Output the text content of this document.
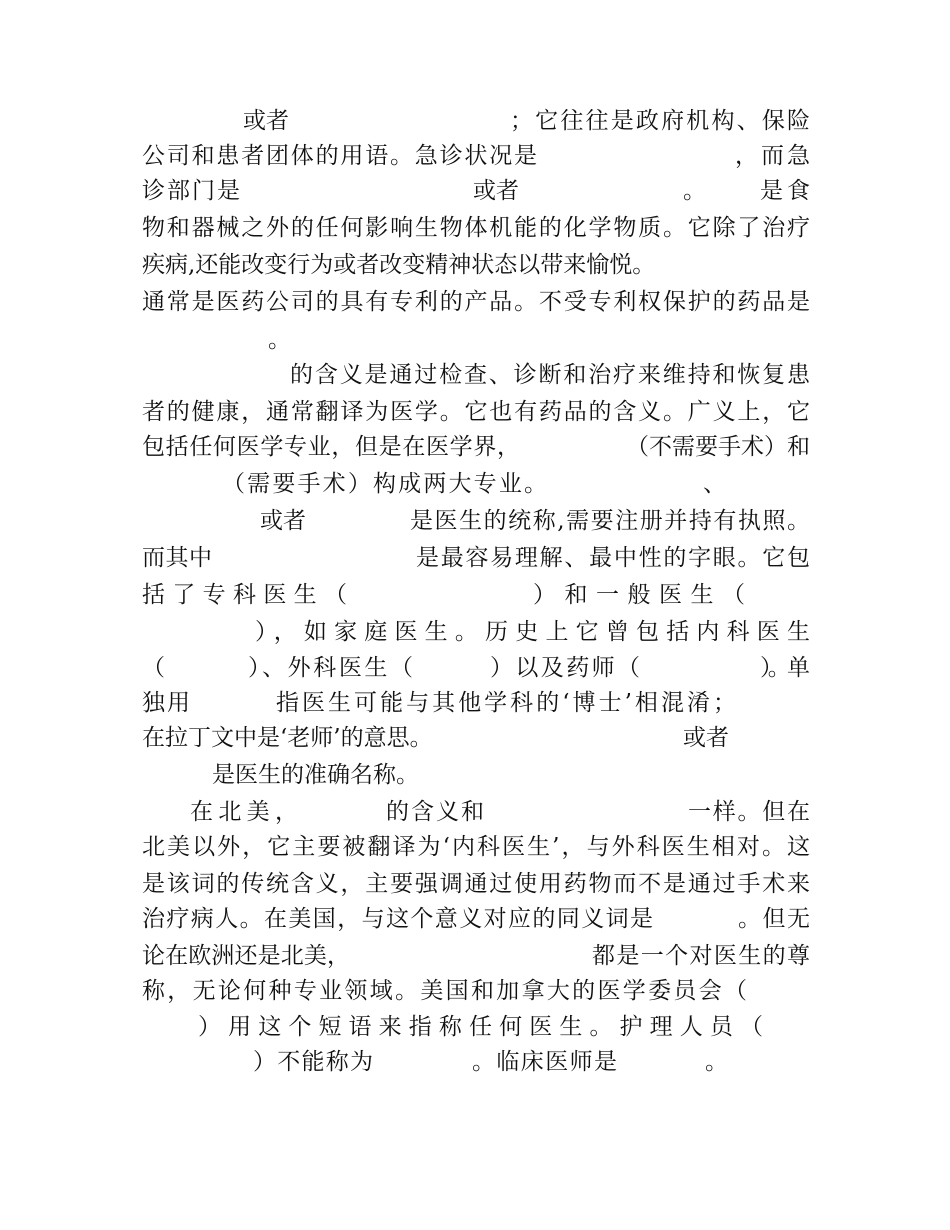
或者	；它往往是政府机构、保险
公司和患者团体的用语。急诊状况是	，而急
诊部门是	或者	。 是食
物和器械之外的任何影响生物体机能的化学物质。它除了治疗
疾病,还能改变行为或者改变精神状态以带来愉悦。
通常是医药公司的具有专利的产品。不受专利权保护的药品是
。
的含义是通过检查、诊断和治疗来维持和恢复患
者的健康，通常翻译为医学。它也有药品的含义。广义上，它
包括任何医学专业，但是在医学界，	（不需要手术）和
（需要手术）构成两大专业。	、
或者	是医生的统称,需要注册并持有执照。
而其中	是最容易理解、最中性的字眼。它包
括了专科医生（	）和一般医生（
），如家庭医生。历史上它曾包括内科医生
（	）、外科医生（	）以及药师（	）。单
独用	指医生可能与其他学科的‘博士’相混淆；
在拉丁文中是‘老师’的意思。	或者
是医生的准确名称。
在北美，	的含义和	一样。但在
北美以外，它主要被翻译为‘内科医生’，与外科医生相对。这
是该词的传统含义，主要强调通过使用药物而不是通过手术来
治疗病人。在美国，与这个意义对应的同义词是	。但无
论在欧洲还是北美，	都是一个对医生的尊
称，无论何种专业领域。美国和加拿大的医学委员会（
）用这个短语来指称任何医生。护理人员（
）不能称为	。临床医师是	。
